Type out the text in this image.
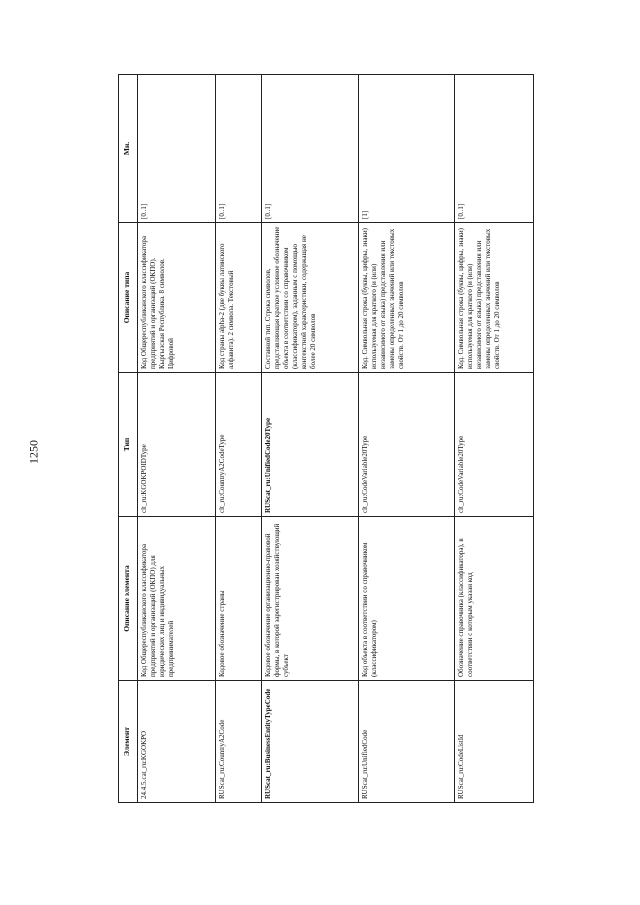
1250
Элемент		Описание элемента	Тип	Описание типа	Мн.
24.4.5.	cat_ru:KGOKPO	Код Общереспубликанского классификатора предприятий и организаций (ОКПО) для юридических лиц и индивидуальных предпринимателей	clt_ru:KGOKPOIDType	Код Общереспубликанского классификатора предприятий и организаций (ОКПО). Кыргызская Республика. 8 символов. Цифровой	[0..1]
RUScat_ru:CountryA2Code		Кодовое обозначение страны	clt_ru:CountryA2CodeType	Код страны alpha-2 (две буквы латинского алфавита). 2 символа. Текстовый	[0..1]
RUScat_ru:BusinessEntityTypeCode		Кодовое обозначение организационно-правовой формы, в которой зарегистрирован хозяйствующий субъект	RUScat_ru:UnifiedCode20Type	Составной тип. Строка символов, представляющая краткое условное обозначение объекта в соответствии со справочником (классификатором), заданным с помощью контекстной характеристики, содержащая не более 20 символов	[0..1]
RUScat_ru:UnifiedCode		Код объекта в соответствии со справочником (классификатором)	clt_ru:CodeVariable20Type	Код. Символьная строка (буквы, цифры, знаки) используемая для краткого (и (или) независимого от языка) представления или замены определенных значений или текстовых свойств. От 1 до 20 символов	[1]
RUScat_ru:CodeListId		Обозначение справочника (классификатора), в соответствии с которым указан код	clt_ru:CodeVariable20Type	Код. Символьная строка (буквы, цифры, знаки) используемая для краткого (и (или) независимого от языка) представления или замены определенных значений или текстовых свойств. От 1 до 20 символов	[0..1]
